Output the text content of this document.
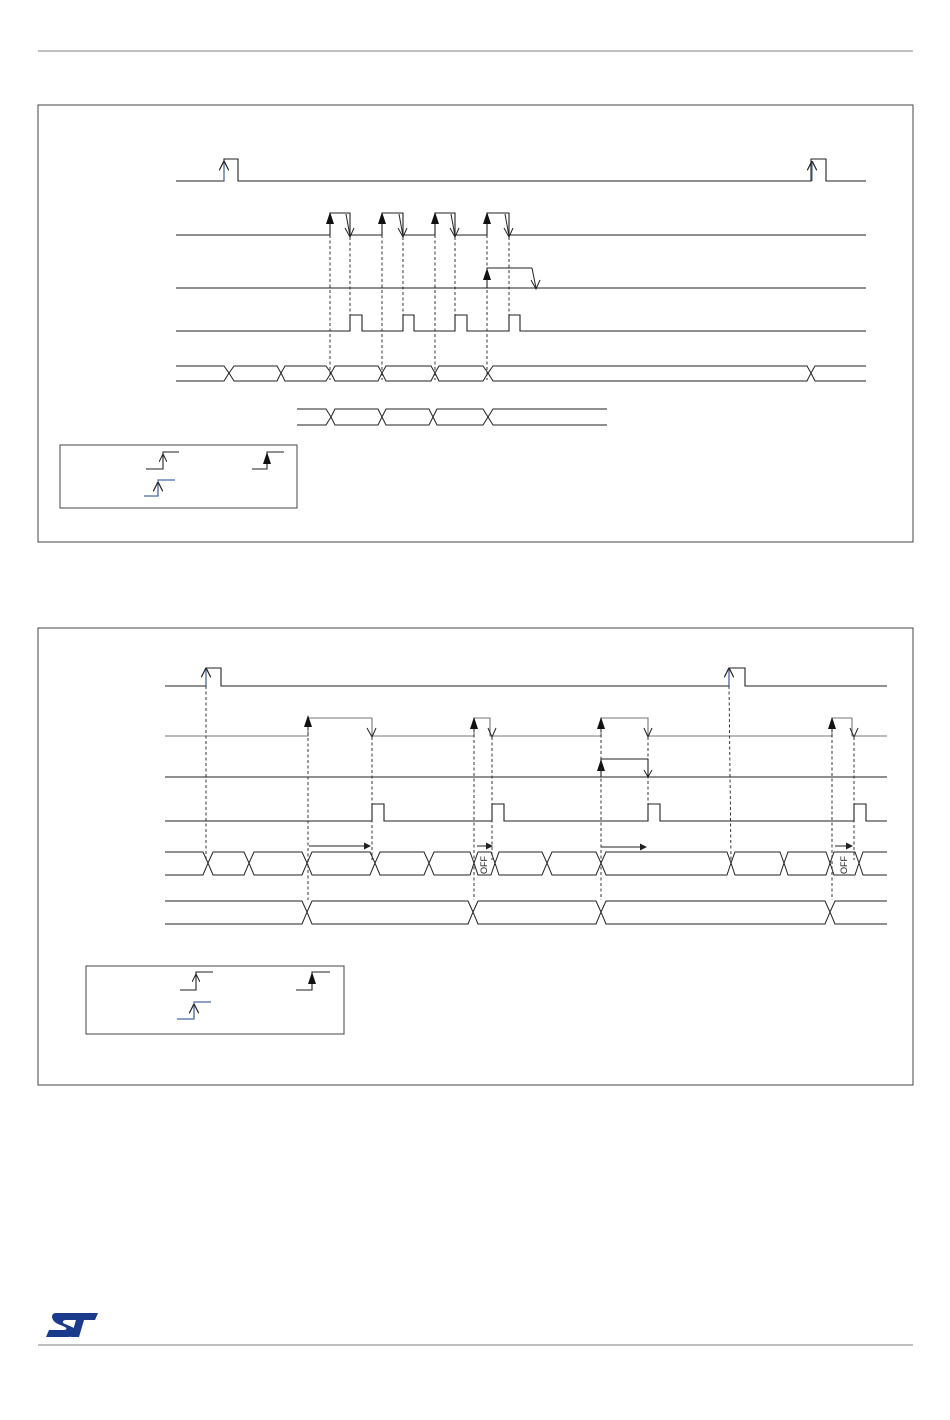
OFF	OFF
